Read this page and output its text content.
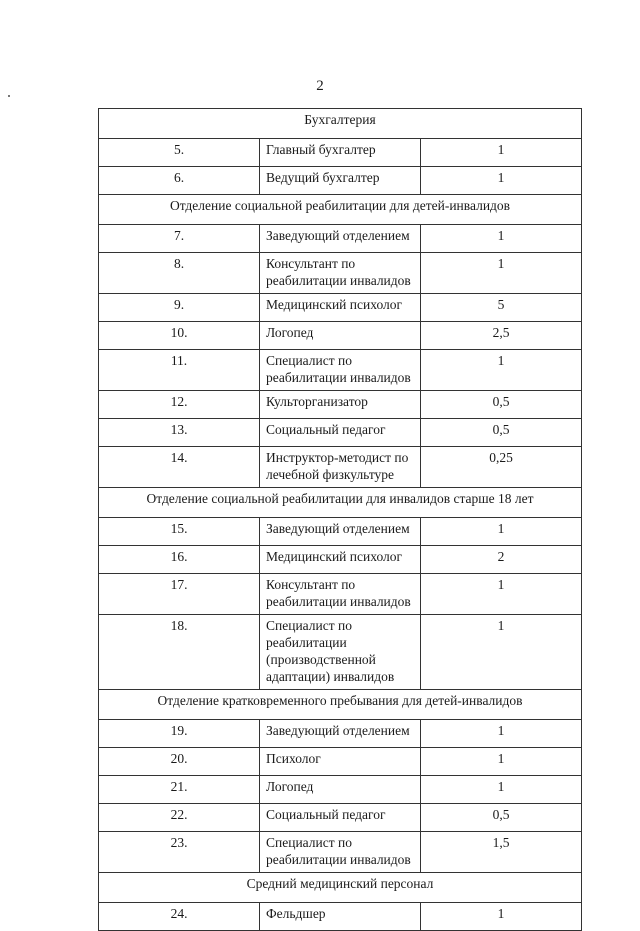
2
Бухгалтерия		
5.	Главный бухгалтер	1
6.	Ведущий бухгалтер	1
Отделение социальной реабилитации для детей-инвалидов		
7.	Заведующий отделением	1
8.	Консультант по реабилитации инвалидов	1
9.	Медицинский психолог	5
10.	Логопед	2,5
11.	Специалист по реабилитации инвалидов	1
12.	Культорганизатор	0,5
13.	Социальный педагог	0,5
14.	Инструктор-методист по лечебной физкультуре	0,25
Отделение социальной реабилитации для инвалидов старше 18 лет		
15.	Заведующий отделением	1
16.	Медицинский психолог	2
17.	Консультант по реабилитации инвалидов	1
18.	Специалист по реабилитации (производственной адаптации) инвалидов	1
Отделение кратковременного пребывания для детей-инвалидов		
19.	Заведующий отделением	1
20.	Психолог	1
21.	Логопед	1
22.	Социальный педагог	0,5
23.	Специалист по реабилитации инвалидов	1,5
Средний медицинский персонал		
24.	Фельдшер	1
